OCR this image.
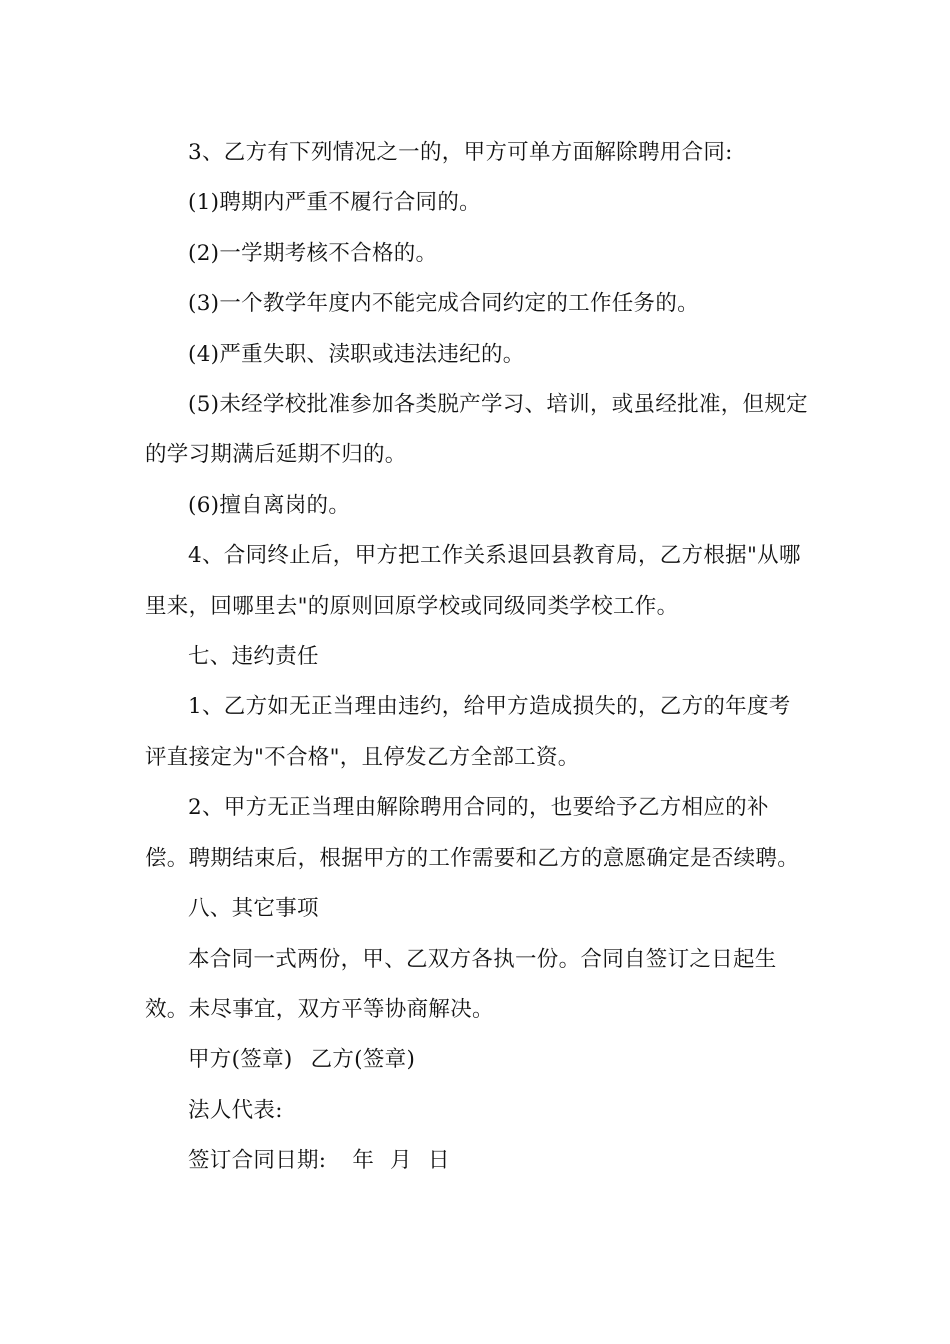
3、乙方有下列情况之一的，甲方可单方面解除聘用合同:

(1)聘期内严重不履行合同的。

(2)一学期考核不合格的。

(3)一个教学年度内不能完成合同约定的工作任务的。

(4)严重失职、渎职或违法违纪的。

(5)未经学校批准参加各类脱产学习、培训，或虽经批准，但规定的学习期满后延期不归的。

(6)擅自离岗的。

4、合同终止后，甲方把工作关系退回县教育局，乙方根据"从哪里来，回哪里去"的原则回原学校或同级同类学校工作。

七、违约责任

1、乙方如无正当理由违约，给甲方造成损失的，乙方的年度考评直接定为"不合格"，且停发乙方全部工资。

2、甲方无正当理由解除聘用合同的，也要给予乙方相应的补偿。聘期结束后，根据甲方的工作需要和乙方的意愿确定是否续聘。

八、其它事项

本合同一式两份，甲、乙双方各执一份。合同自签订之日起生效。未尽事宜，双方平等协商解决。

甲方(签章) 乙方(签章)

法人代表:

签订合同日期: 年 月 日
